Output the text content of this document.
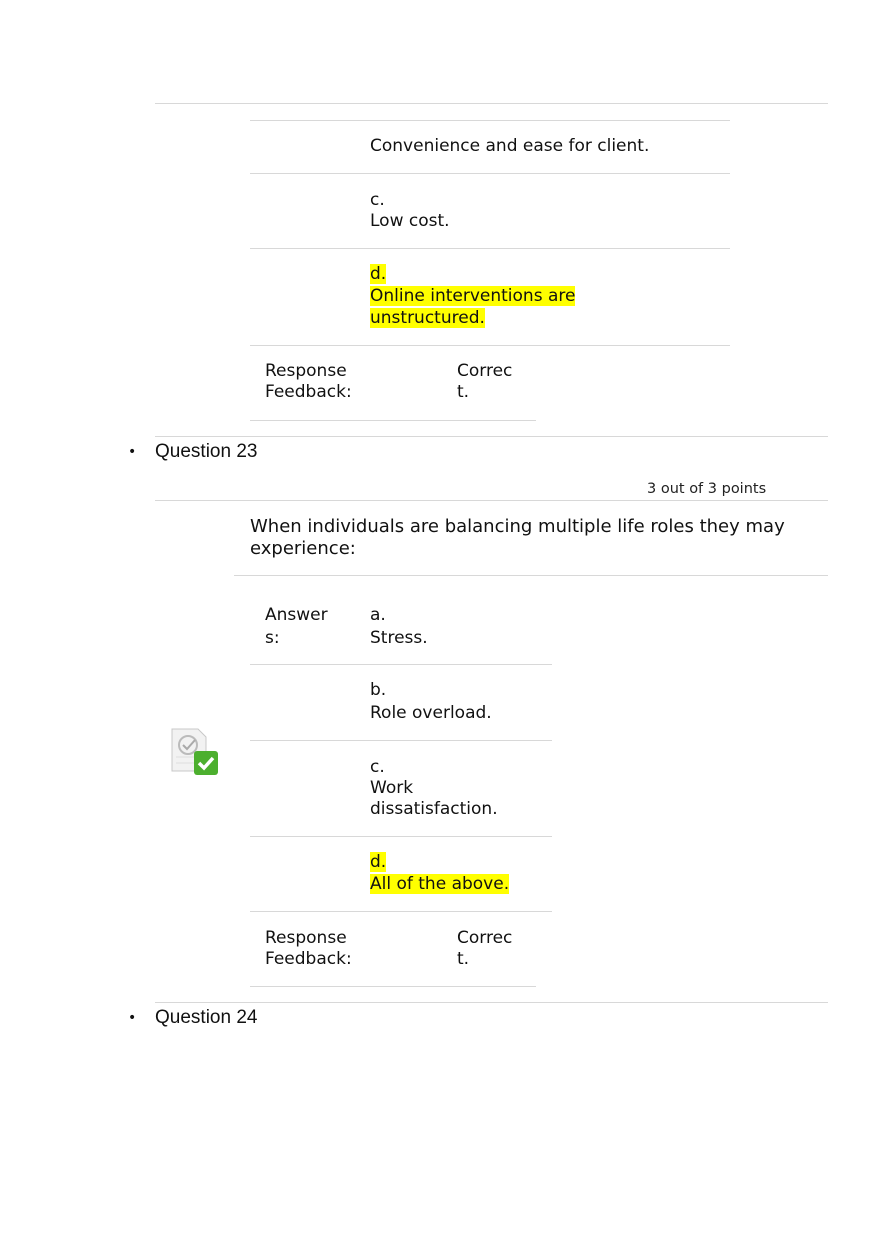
Convenience and ease for client.
c.
Low cost.
d.
Online interventions are
unstructured.
Response
Feedback:
Correc
t.
• Question 23
3 out of 3 points
When individuals are balancing multiple life roles they may
experience:
Answer
s:
a.
Stress.
b.
Role overload.
c.
Work
dissatisfaction.
d.
All of the above.
Response
Feedback:
Correc
t.
• Question 24
